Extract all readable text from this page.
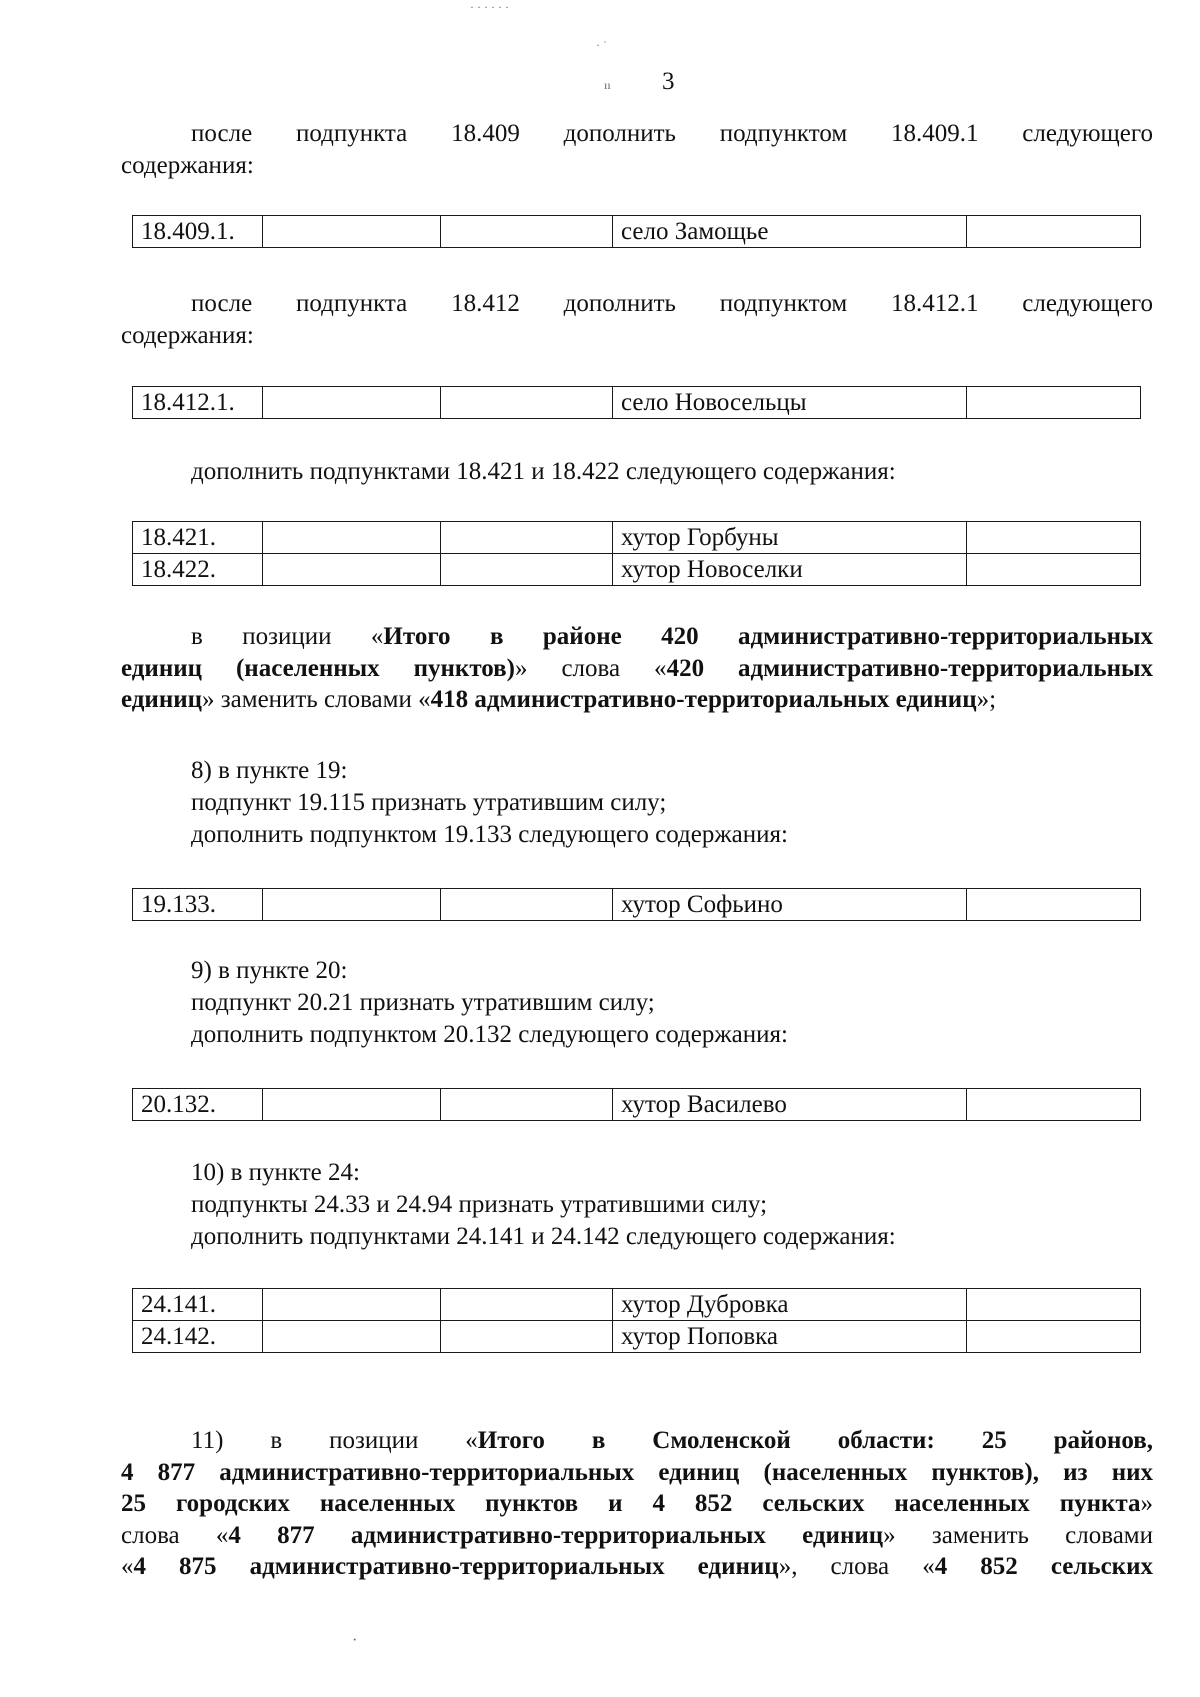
· · · · · ·
· ˙
ıı 3
после подпункта 18.409 дополнить подпунктом 18.409.1 следующего
содержания:
18.409.1.			село Замощье	
после подпункта 18.412 дополнить подпунктом 18.412.1 следующего
содержания:
18.412.1.			село Новосельцы	
дополнить подпунктами 18.421 и 18.422 следующего содержания:
18.421.			хутор Горбуны	
18.422.			хутор Новоселки	
в позиции «Итого в районе 420 административно-территориальных
единиц (населенных пунктов)» слова «420 административно-территориальных
единиц» заменить словами «418 административно-территориальных единиц»;
8) в пункте 19:
подпункт 19.115 признать утратившим силу;
дополнить подпунктом 19.133 следующего содержания:
19.133.			хутор Софьино	
9) в пункте 20:
подпункт 20.21 признать утратившим силу;
дополнить подпунктом 20.132 следующего содержания:
20.132.			хутор Василево	
10) в пункте 24:
подпункты 24.33 и 24.94 признать утратившими силу;
дополнить подпунктами 24.141 и 24.142 следующего содержания:
24.141.			хутор Дубровка	
24.142.			хутор Поповка	
11) в позиции «Итого в Смоленской области: 25 районов,
4 877 административно-территориальных единиц (населенных пунктов), из них
25 городских населенных пунктов и 4 852 сельских населенных пункта»
слова «4 877 административно-территориальных единиц» заменить словами
«4 875 административно-территориальных единиц», слова «4 852 сельских
·
